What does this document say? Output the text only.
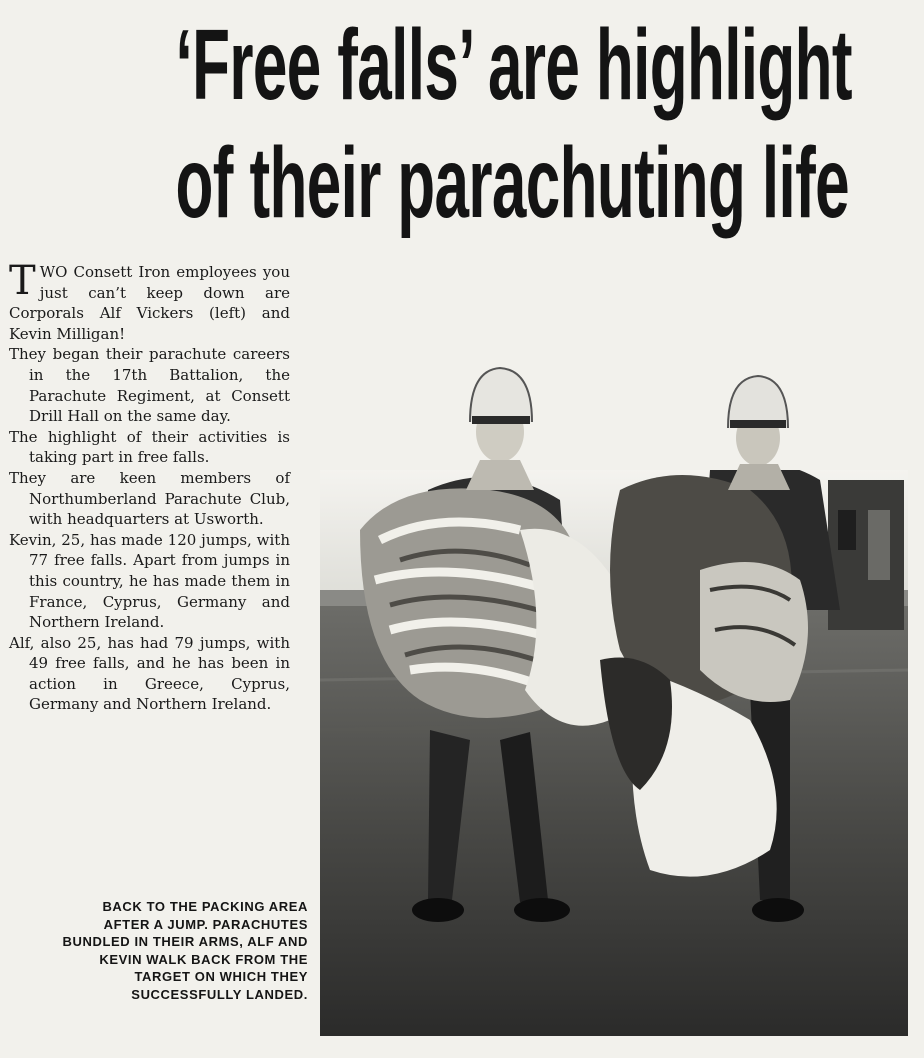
‘Free falls’ are highlight
of their parachuting life

TWO Consett Iron employees you just can’t keep down are Corporals Alf Vickers (left) and Kevin Milligan!

They began their parachute careers in the 17th Battalion, the Parachute Regiment, at Consett Drill Hall on the same day.

The highlight of their activities is taking part in free falls.

They are keen members of Northumberland Parachute Club, with headquarters at Usworth.

Kevin, 25, has made 120 jumps, with 77 free falls. Apart from jumps in this country, he has made them in France, Cyprus, Germany and Northern Ireland.

Alf, also 25, has had 79 jumps, with 49 free falls, and he has been in action in Greece, Cyprus, Germany and Northern Ireland.

BACK TO THE PACKING AREA AFTER A JUMP. PARACHUTES BUNDLED IN THEIR ARMS, ALF AND KEVIN WALK BACK FROM THE TARGET ON WHICH THEY SUCCESSFULLY LANDED.
